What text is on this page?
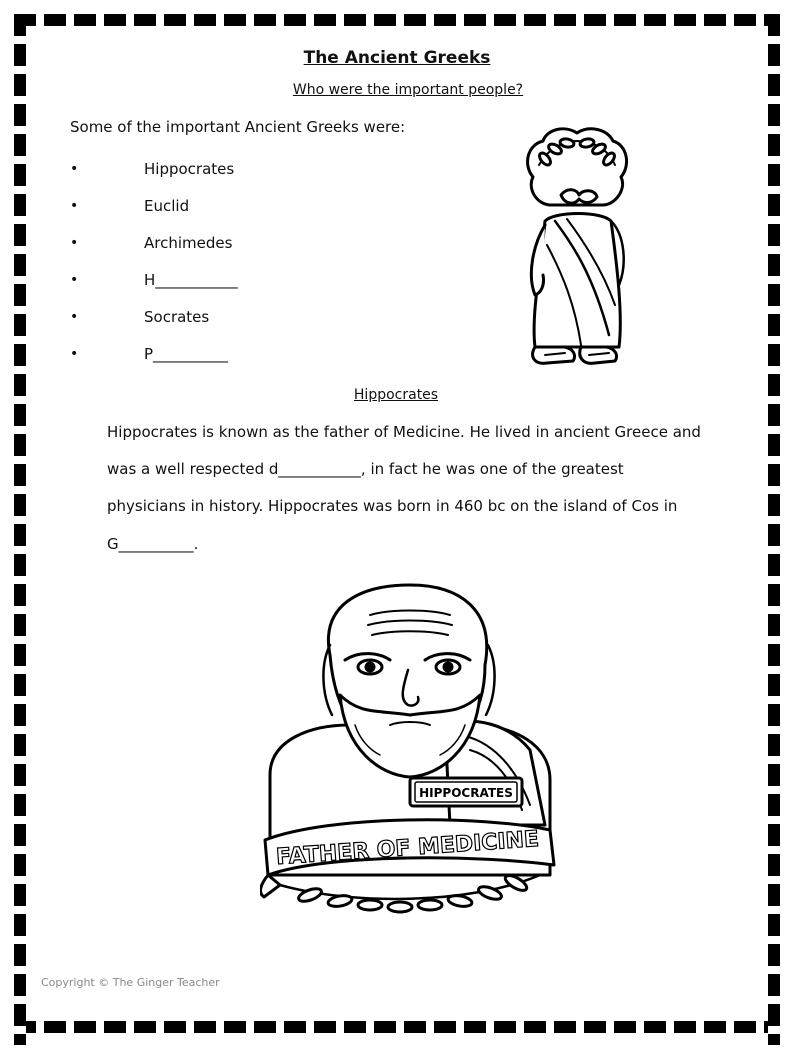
The Ancient Greeks
Who were the important people?
Some of the important Ancient Greeks were:
•	Hippocrates
•	Euclid
•	Archimedes
•	H___________
•	Socrates
•	P__________
Hippocrates
Hippocrates is known as the father of Medicine. He lived in ancient Greece and
was a well respected d___________, in fact he was one of the greatest
physicians in history. Hippocrates was born in 460 bc on the island of Cos in
G__________.
HIPPOCRATES
FATHER OF MEDICINE
Copyright © The Ginger Teacher
